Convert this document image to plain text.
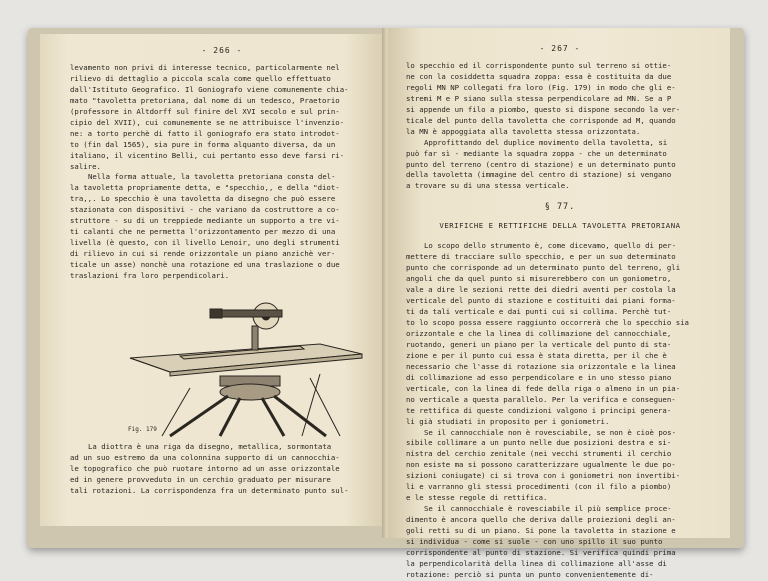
- 266 -
levamento non privi di interesse tecnico, particolarmente nel
rilievo di dettaglio a piccola scala come quello effettuato
dall'Istituto Geografico. Il Goniografo viene comunemente chia-
mato "tavoletta pretoriana, dal nome di un tedesco, Praetorio
(professore in Altdorff sul finire del XVI secolo e sul prin-
cipio del XVII), cui comunemente se ne attribuisce l'invenzio-
ne: a torto perchè di fatto il goniografo era stato introdot-
to (fin dal 1565), sia pure in forma alquanto diversa, da un
italiano, il vicentino Belli, cui pertanto esso deve farsi ri-
salire.
Nella forma attuale, la tavoletta pretoriana consta del-
la tavoletta propriamente detta, e "specchio,, e della "diot-
tra,,. Lo specchio è una tavoletta da disegno che può essere
stazionata con dispositivi - che variano da costruttore a co-
struttore - su di un treppiede mediante un supporto a tre vi-
ti calanti che ne permetta l'orizzontamento per mezzo di una
livella (è questo, con il livello Lenoir, uno degli strumenti
di rilievo in cui si rende orizzontale un piano anzichè ver-
ticale un asse) nonchè una rotazione ed una traslazione o due
traslazioni fra loro perpendicolari.
Fig. 179
La diottra è una riga da disegno, metallica, sormontata
ad un suo estremo da una colonnina supporto di un cannocchia-
le topografico che può ruotare intorno ad un asse orizzontale
ed in genere provveduto in un cerchio graduato per misurare
tali rotazioni. La corrispondenza fra un determinato punto sul-
- 267 -
lo specchio ed il corrispondente punto sul terreno si ottie-
ne con la cosiddetta squadra zoppa: essa è costituita da due
regoli MN NP collegati fra loro (Fig. 179) in modo che gli e-
stremi M e P siano sulla stessa perpendicolare ad MN. Se a P
si appende un filo a piombo, questo si dispone secondo la ver-
ticale del punto della tavoletta che corrisponde ad M, quando
la MN è appoggiata alla tavoletta stessa orizzontata.
Approfittando del duplice movimento della tavoletta, si
può far sì - mediante la squadra zoppa - che un determinato
punto del terreno (centro di stazione) e un determinato punto
della tavoletta (immagine del centro di stazione) si vengano
a trovare su di una stessa verticale.
§ 77.
VERIFICHE E RETTIFICHE DELLA TAVOLETTA PRETORIANA
Lo scopo dello strumento è, come dicevamo, quello di per-
mettere di tracciare sullo specchio, e per un suo determinato
punto che corrisponde ad un determinato punto del terreno, gli
angoli che da quel punto si misurerebbero con un goniometro,
vale a dire le sezioni rette dei diedri aventi per costola la
verticale del punto di stazione e costituiti dai piani forma-
ti da tali verticale e dai punti cui si collima. Perchè tut-
to lo scopo possa essere raggiunto occorrerà che lo specchio sia
orizzontale e che la linea di collimazione del cannocchiale,
ruotando, generi un piano per la verticale del punto di sta-
zione e per il punto cui essa è stata diretta, per il che è
necessario che l'asse di rotazione sia orizzontale e la linea
di collimazione ad esso perpendicolare e in uno stesso piano
verticale, con la linea di fede della riga o almeno in un pia-
no verticale a questa parallelo. Per la verifica e conseguen-
te rettifica di queste condizioni valgono i principi genera-
li già studiati in proposito per i goniometri.
Se il cannocchiale non è rovesciabile, se non è cioè pos-
sibile collimare a un punto nelle due posizioni destra e si-
nistra del cerchio zenitale (nei vecchi strumenti il cerchio
non esiste ma si possono caratterizzare ugualmente le due po-
sizioni coniugate) ci si trova con i goniometri non invertibi-
li e varranno gli stessi procedimenti (con il filo a piombo)
e le stesse regole di rettifica.
Se il cannocchiale è rovesciabile il più semplice proce-
dimento è ancora quello che deriva dalle proiezioni degli an-
goli retti su di un piano. Si pone la tavoletta in stazione e
si individua - come si suole - con uno spillo il suo punto
corrispondente al punto di stazione. Si verifica quindi prima
la perpendicolarità della linea di collimazione all'asse di
rotazione: perciò si punta un punto convenientemente di-
